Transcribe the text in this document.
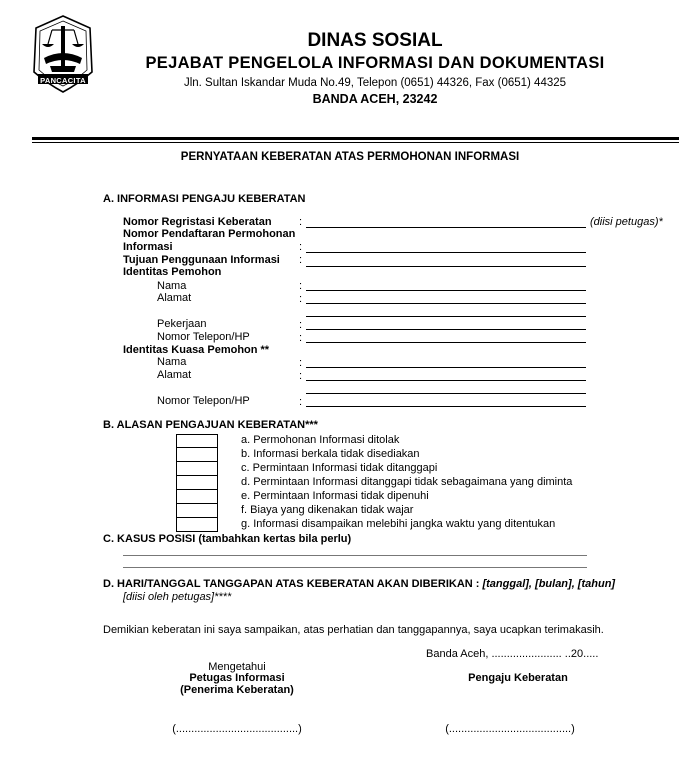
PANCACITA
DINAS SOSIAL
PEJABAT PENGELOLA INFORMASI DAN DOKUMENTASI
Jln. Sultan Iskandar Muda No.49, Telepon (0651) 44326, Fax (0651) 44325
BANDA ACEH, 23242
PERNYATAAN KEBERATAN ATAS PERMOHONAN INFORMASI
A. INFORMASI PENGAJU KEBERATAN
Nomor Regristasi Keberatan :	(diisi petugas)*
Nomor Pendaftaran Permohonan
Informasi	:
Tujuan Penggunaan Informasi :
Identitas Pemohon
Nama	:
Alamat	:
Pekerjaan	:
Nomor Telepon/HP	:
Identitas Kuasa Pemohon **
Nama	:
Alamat	:
Nomor Telepon/HP	:
B. ALASAN PENGAJUAN KEBERATAN***
a. Permohonan Informasi ditolak
b. Informasi berkala tidak disediakan
c. Permintaan Informasi tidak ditanggapi
d. Permintaan Informasi ditanggapi tidak sebagaimana yang diminta
e. Permintaan Informasi tidak dipenuhi
f. Biaya yang dikenakan tidak wajar
g. Informasi disampaikan melebihi jangka waktu yang ditentukan
C. KASUS POSISI (tambahkan kertas bila perlu)
D. HARI/TANGGAL TANGGAPAN ATAS KEBERATAN AKAN DIBERIKAN : [tanggal], [bulan], [tahun]
[diisi oleh petugas]****
Demikian keberatan ini saya sampaikan, atas perhatian dan tanggapannya, saya ucapkan terimakasih.
Banda Aceh, ....................... ..20.....
Mengetahui
Petugas Informasi
(Penerima Keberatan)
Pengaju Keberatan
(........................................)	(........................................)
